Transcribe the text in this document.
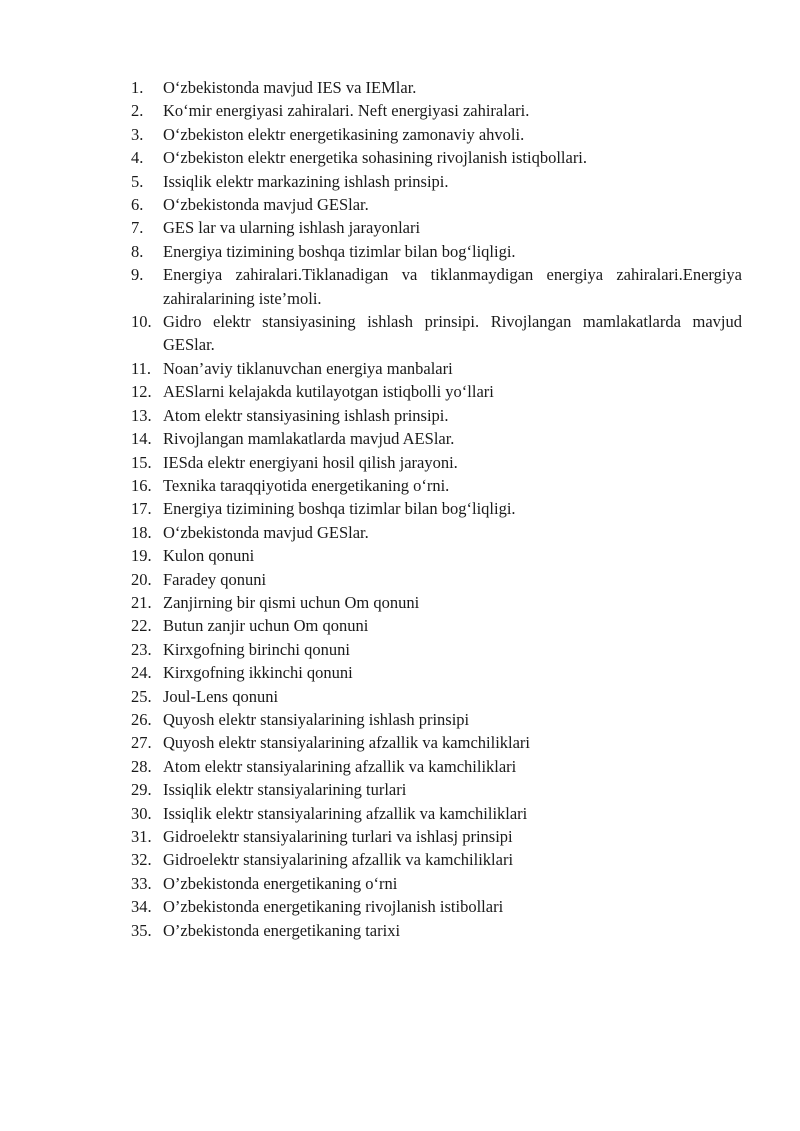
1.	O‘zbekistonda mavjud IES va IEMlar.
2.	Ko‘mir energiyasi zahiralari. Neft energiyasi zahiralari.
3.	O‘zbekiston elektr energetikasining zamonaviy ahvoli.
4.	O‘zbekiston elektr energetika sohasining rivojlanish istiqbollari.
5.	Issiqlik elektr markazining ishlash prinsipi.
6.	O‘zbekistonda mavjud GESlar.
7.	GES lar va ularning ishlash jarayonlari
8.	Energiya tizimining boshqa tizimlar bilan bog‘liqligi.
9.	Energiya zahiralari.Tiklanadigan va tiklanmaydigan energiya zahiralari.Energiya zahiralarining iste’moli.
10. Gidro elektr stansiyasining ishlash prinsipi. Rivojlangan mamlakatlarda mavjud GESlar.
11. Noan’aviy tiklanuvchan energiya manbalari
12. AESlarni kelajakda kutilayotgan istiqbolli yo‘llari
13. Atom elektr stansiyasining ishlash prinsipi.
14. Rivojlangan mamlakatlarda mavjud AESlar.
15. IESda elektr energiyani hosil qilish jarayoni.
16. Texnika taraqqiyotida energetikaning o‘rni.
17. Energiya tizimining boshqa tizimlar bilan bog‘liqligi.
18. O‘zbekistonda mavjud GESlar.
19. Kulon qonuni
20. Faradey qonuni
21. Zanjirning bir qismi uchun Om qonuni
22. Butun zanjir uchun Om qonuni
23. Kirxgofning birinchi qonuni
24. Kirxgofning ikkinchi qonuni
25. Joul-Lens qonuni
26. Quyosh elektr stansiyalarining ishlash prinsipi
27. Quyosh elektr stansiyalarining afzallik va kamchiliklari
28. Atom elektr stansiyalarining afzallik va kamchiliklari
29. Issiqlik elektr stansiyalarining turlari
30. Issiqlik elektr stansiyalarining afzallik va kamchiliklari
31. Gidroelektr stansiyalarining turlari va ishlasj prinsipi
32. Gidroelektr stansiyalarining afzallik va kamchiliklari
33. O’zbekistonda energetikaning o‘rni
34. O’zbekistonda energetikaning rivojlanish istibollari
35. O’zbekistonda energetikaning tarixi
